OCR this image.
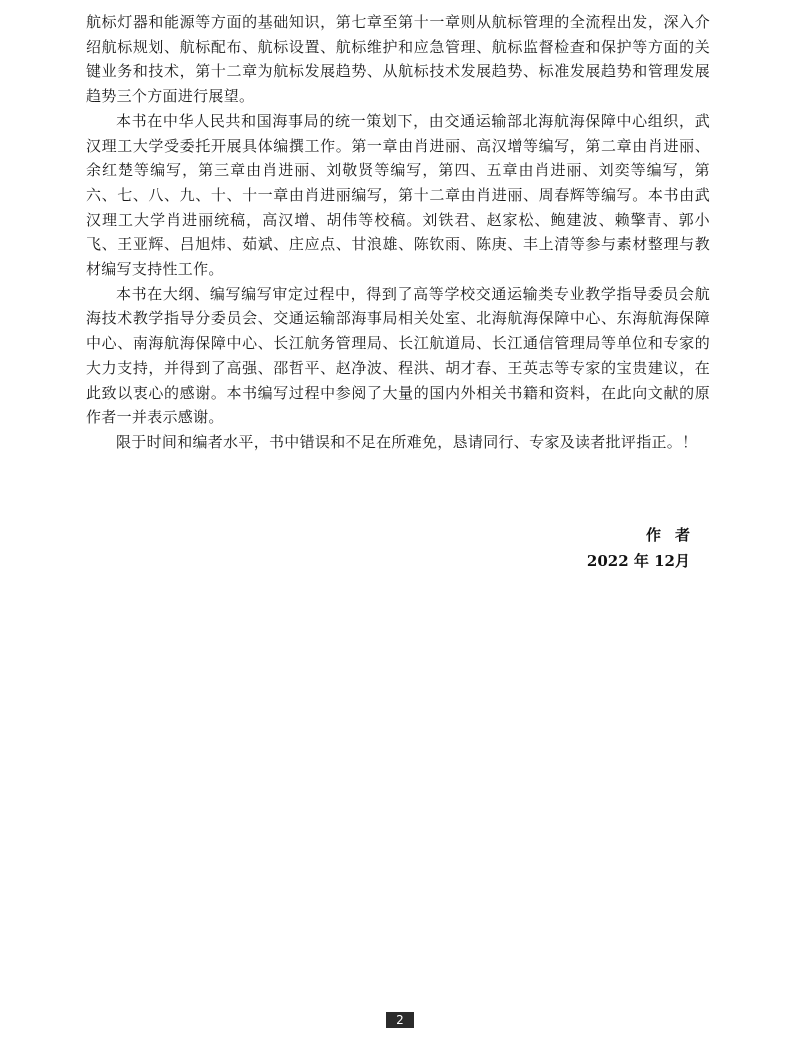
航标灯器和能源等方面的基础知识，第七章至第十一章则从航标管理的全流程出发，深入介绍航标规划、航标配布、航标设置、航标维护和应急管理、航标监督检查和保护等方面的关键业务和技术，第十二章为航标发展趋势、从航标技术发展趋势、标准发展趋势和管理发展趋势三个方面进行展望。

本书在中华人民共和国海事局的统一策划下，由交通运输部北海航海保障中心组织，武汉理工大学受委托开展具体编撰工作。第一章由肖进丽、高汉增等编写，第二章由肖进丽、余红楚等编写，第三章由肖进丽、刘敬贤等编写，第四、五章由肖进丽、刘奕等编写，第六、七、八、九、十、十一章由肖进丽编写，第十二章由肖进丽、周春辉等编写。本书由武汉理工大学肖进丽统稿，高汉增、胡伟等校稿。刘铁君、赵家松、鲍建波、赖擎青、郭小飞、王亚辉、吕旭炜、茹斌、庄应点、甘浪雄、陈钦雨、陈庚、丰上清等参与素材整理与教材编写支持性工作。

本书在大纲、编写编写审定过程中，得到了高等学校交通运输类专业教学指导委员会航海技术教学指导分委员会、交通运输部海事局相关处室、北海航海保障中心、东海航海保障中心、南海航海保障中心、长江航务管理局、长江航道局、长江通信管理局等单位和专家的大力支持，并得到了高强、邵哲平、赵净波、程洪、胡才春、王英志等专家的宝贵建议，在此致以衷心的感谢。本书编写过程中参阅了大量的国内外相关书籍和资料，在此向文献的原作者一并表示感谢。

限于时间和编者水平，书中错误和不足在所难免，恳请同行、专家及读者批评指正。！

作者
2022 年 12月
2
